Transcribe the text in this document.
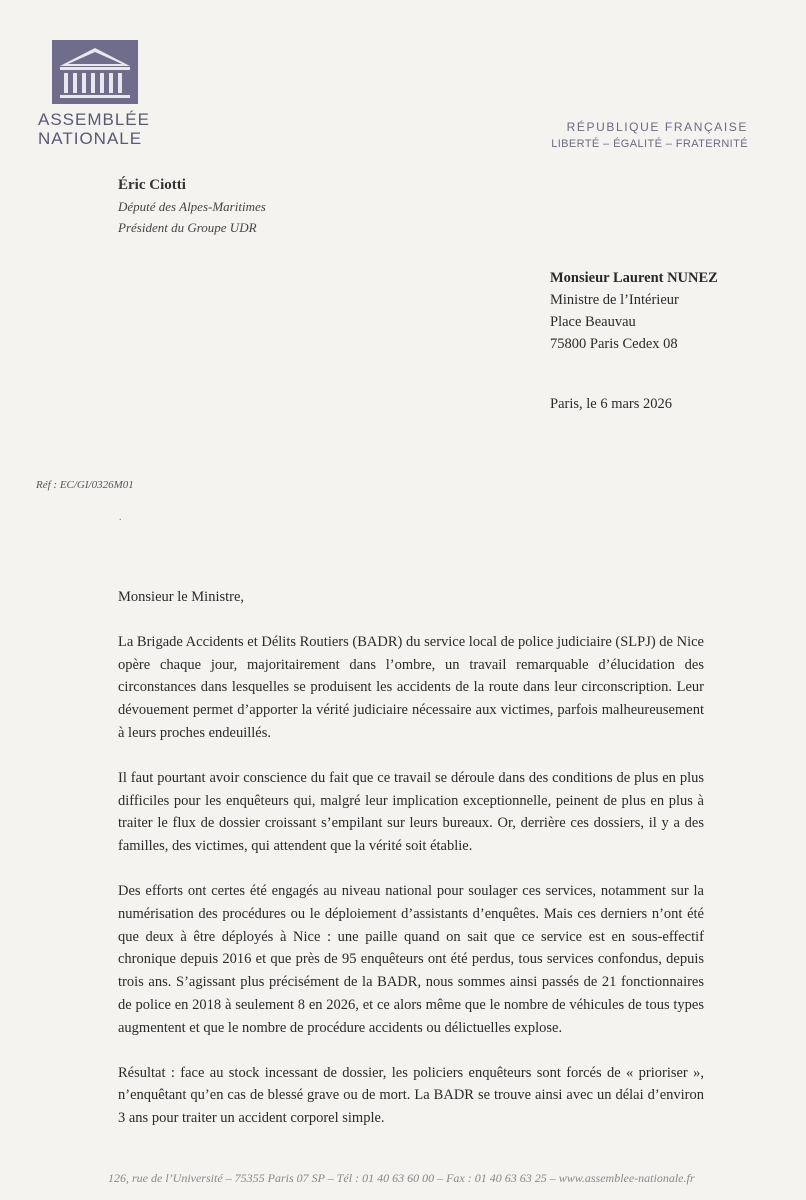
ASSEMBLÉE
NATIONALE
RÉPUBLIQUE FRANÇAISE
LIBERTÉ – ÉGALITÉ – FRATERNITÉ
Éric Ciotti
Député des Alpes-Maritimes
Président du Groupe UDR
Monsieur Laurent NUNEZ
Ministre de l’Intérieur
Place Beauvau
75800 Paris Cedex 08
Paris, le 6 mars 2026
Réf : EC/GI/0326M01
.

Monsieur le Ministre,

La Brigade Accidents et Délits Routiers (BADR) du service local de police judiciaire (SLPJ) de Nice opère chaque jour, majoritairement dans l’ombre, un travail remarquable d’élucidation des circonstances dans lesquelles se produisent les accidents de la route dans leur circonscription. Leur dévouement permet d’apporter la vérité judiciaire nécessaire aux victimes, parfois malheureusement à leurs proches endeuillés.

Il faut pourtant avoir conscience du fait que ce travail se déroule dans des conditions de plus en plus difficiles pour les enquêteurs qui, malgré leur implication exceptionnelle, peinent de plus en plus à traiter le flux de dossier croissant s’empilant sur leurs bureaux. Or, derrière ces dossiers, il y a des familles, des victimes, qui attendent que la vérité soit établie.

Des efforts ont certes été engagés au niveau national pour soulager ces services, notamment sur la numérisation des procédures ou le déploiement d’assistants d’enquêtes. Mais ces derniers n’ont été que deux à être déployés à Nice : une paille quand on sait que ce service est en sous-effectif chronique depuis 2016 et que près de 95 enquêteurs ont été perdus, tous services confondus, depuis trois ans. S’agissant plus précisément de la BADR, nous sommes ainsi passés de 21 fonctionnaires de police en 2018 à seulement 8 en 2026, et ce alors même que le nombre de véhicules de tous types augmentent et que le nombre de procédure accidents ou délictuelles explose.

Résultat : face au stock incessant de dossier, les policiers enquêteurs sont forcés de « prioriser », n’enquêtant qu’en cas de blessé grave ou de mort. La BADR se trouve ainsi avec un délai d’environ 3 ans pour traiter un accident corporel simple.

126, rue de l’Université – 75355 Paris 07 SP – Tél : 01 40 63 60 00 – Fax : 01 40 63 63 25 – www.assemblee-nationale.fr
